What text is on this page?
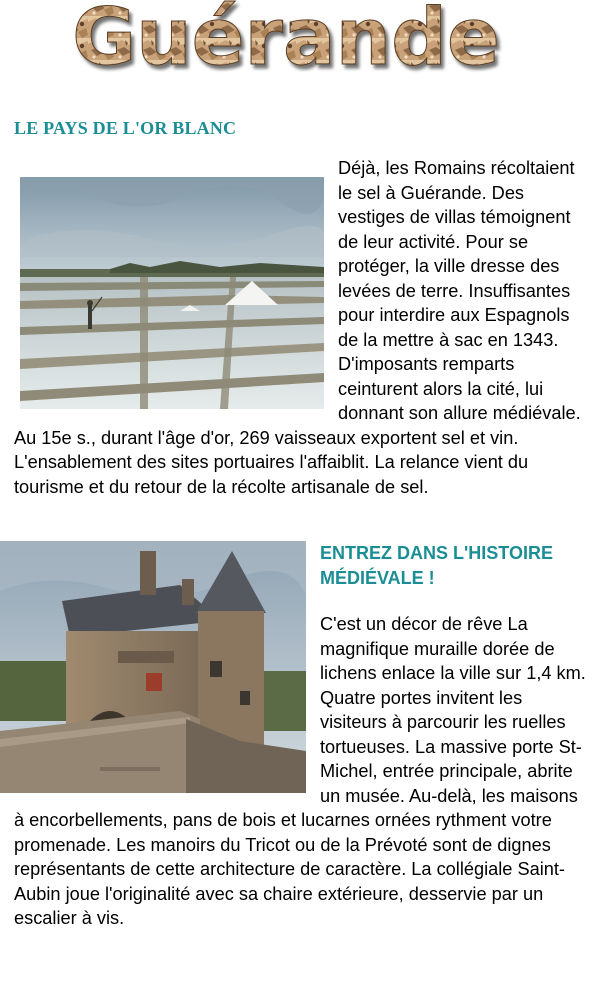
Guérande
LE PAYS DE L'OR BLANC

Déjà, les Romains récoltaient le sel à Guérande. Des vestiges de villas témoignent de leur activité. Pour se protéger, la ville dresse des levées de terre. Insuffisantes pour interdire aux Espagnols de la mettre à sac en 1343. D'imposants remparts ceinturent alors la cité, lui donnant son allure médiévale. Au 15e s., durant l'âge d'or, 269 vaisseaux exportent sel et vin. L'ensablement des sites portuaires l'affaiblit. La relance vient du tourisme et du retour de la récolte artisanale de sel.

ENTREZ DANS L'HISTOIRE MÉDIÉVALE !

C'est un décor de rêve La magnifique muraille dorée de lichens enlace la ville sur 1,4 km. Quatre portes invitent les visiteurs à parcourir les ruelles tortueuses. La massive porte St-Michel, entrée principale, abrite un musée. Au-delà, les maisons à encorbellements, pans de bois et lucarnes ornées rythment votre promenade. Les manoirs du Tricot ou de la Prévoté sont de dignes représentants de cette architecture de caractère. La collégiale Saint-Aubin joue l'originalité avec sa chaire extérieure, desservie par un escalier à vis.
